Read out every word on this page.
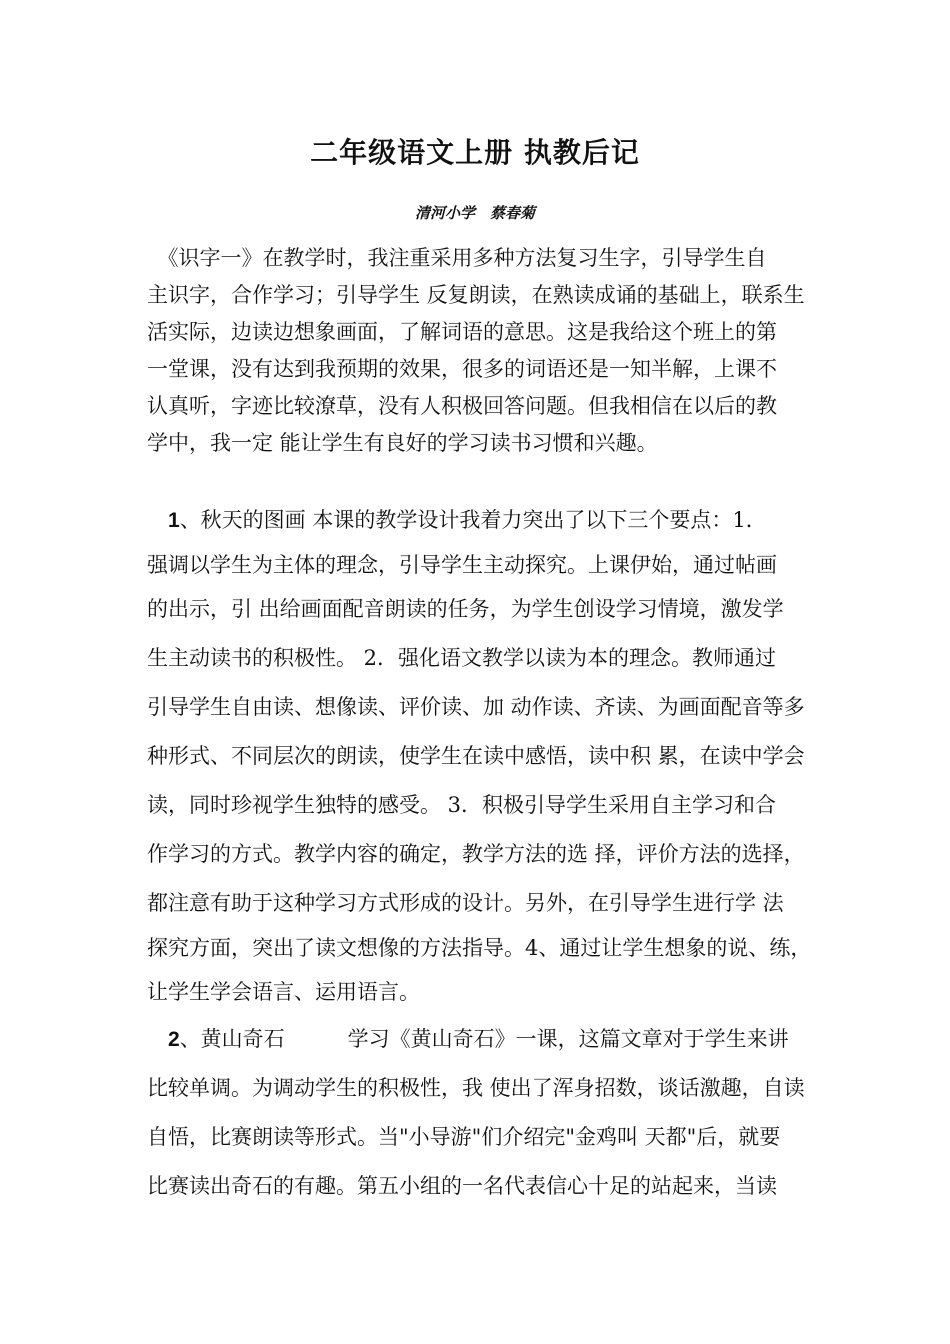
二年级语文上册 执教后记
清河小学　蔡春菊
　《识字一》在教学时，我注重采用多种方法复习生字，引导学生自
主识字，合作学习；引导学生 反复朗读，在熟读成诵的基础上，联系生
活实际，边读边想象画面，了解词语的意思。这是我给这个班上的第
一堂课，没有达到我预期的效果，很多的词语还是一知半解，上课不
认真听，字迹比较潦草，没有人积极回答问题。但我相信在以后的教
学中，我一定 能让学生有良好的学习读书习惯和兴趣。
　1、秋天的图画 本课的教学设计我着力突出了以下三个要点：1．
强调以学生为主体的理念，引导学生主动探究。上课伊始，通过帖画
的出示，引 出给画面配音朗读的任务，为学生创设学习情境，激发学
生主动读书的积极性。 2．强化语文教学以读为本的理念。教师通过
引导学生自由读、想像读、评价读、加 动作读、齐读、为画面配音等多
种形式、不同层次的朗读，使学生在读中感悟，读中积 累，在读中学会
读，同时珍视学生独特的感受。 3．积极引导学生采用自主学习和合
作学习的方式。教学内容的确定，教学方法的选 择，评价方法的选择，
都注意有助于这种学习方式形成的设计。另外，在引导学生进行学 法
探究方面，突出了读文想像的方法指导。4、通过让学生想象的说、练，
让学生学会语言、运用语言。
　2、黄山奇石　　　学习《黄山奇石》一课，这篇文章对于学生来讲
比较单调。为调动学生的积极性，我 使出了浑身招数，谈话激趣，自读
自悟，比赛朗读等形式。当"小导游"们介绍完"金鸡叫 天都"后，就要
比赛读出奇石的有趣。第五小组的一名代表信心十足的站起来，当读
